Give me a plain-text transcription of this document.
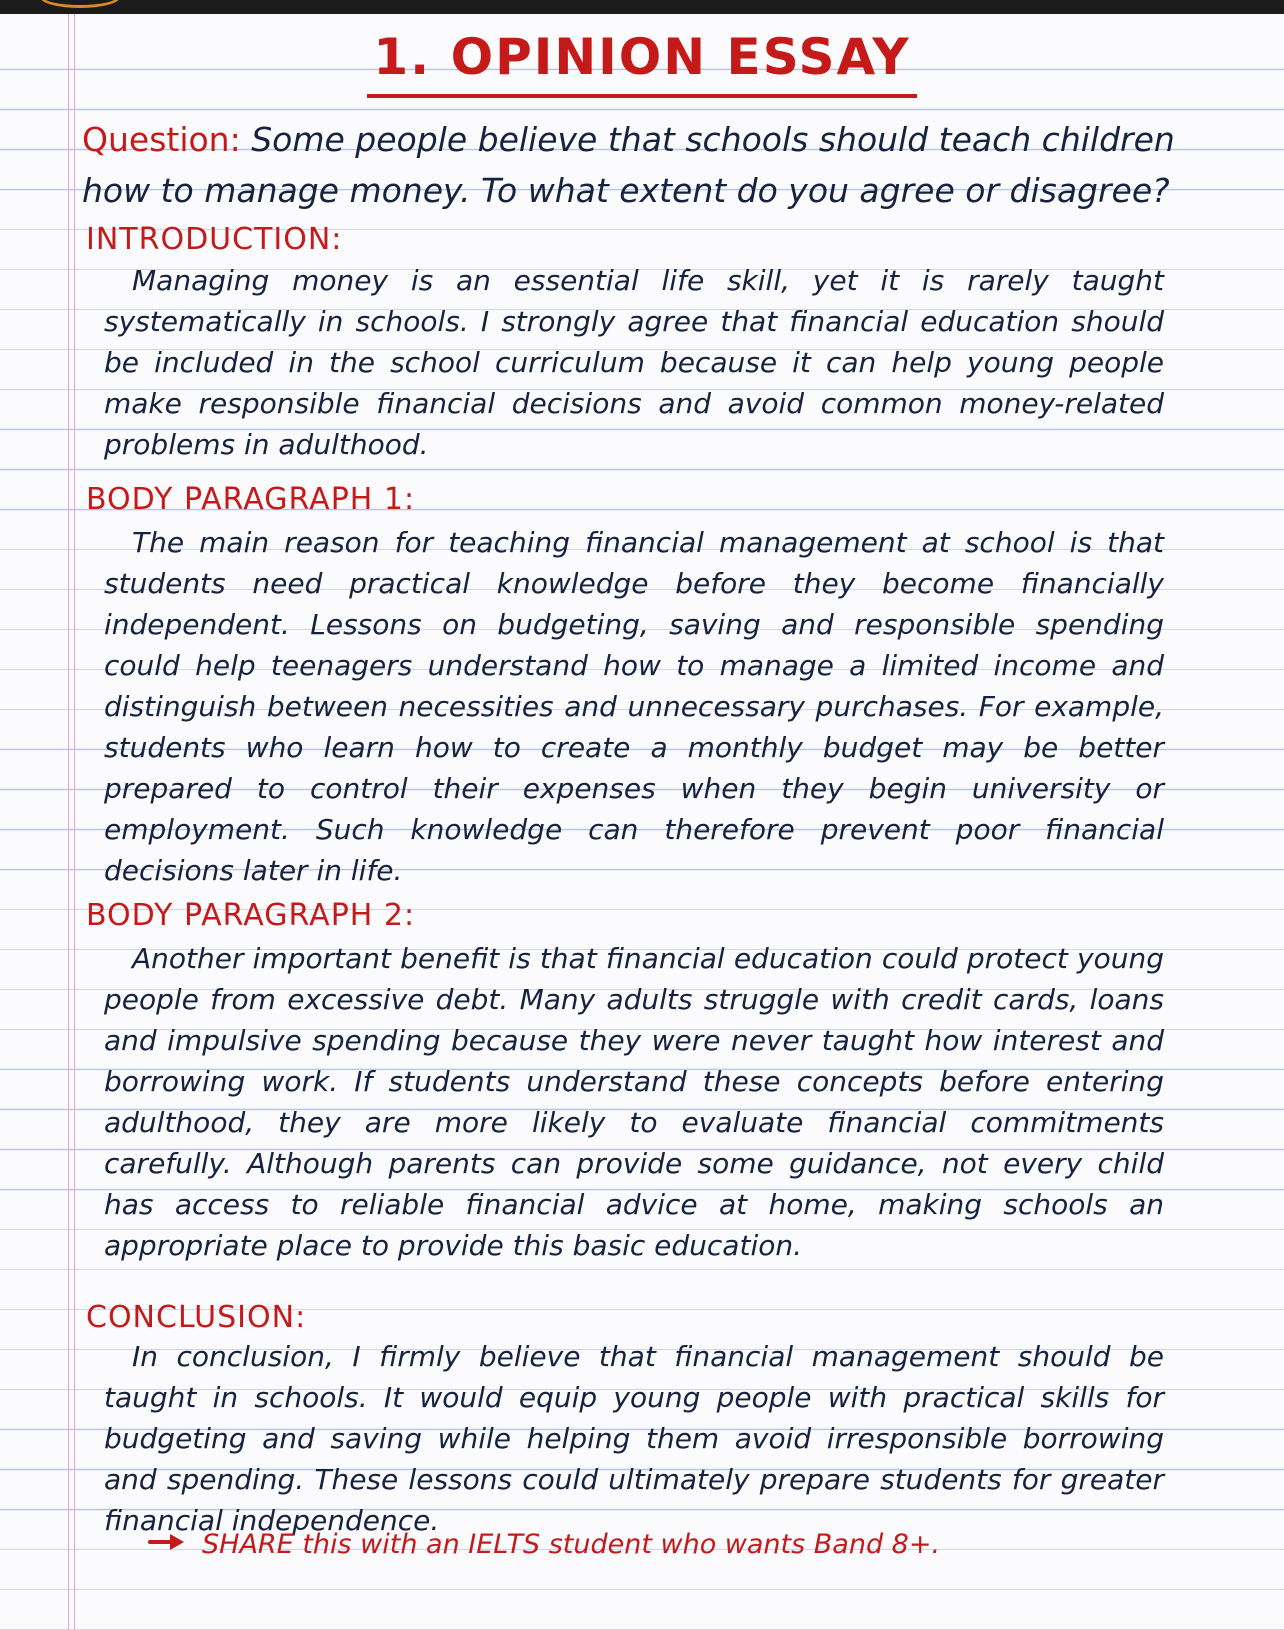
1. OPINION ESSAY

Question: Some people believe that schools should teach children how to manage money. To what extent do you agree or disagree?

INTRODUCTION:

Managing money is an essential life skill, yet it is rarely taught systematically in schools. I strongly agree that financial education should be included in the school curriculum because it can help young people make responsible financial decisions and avoid common money-related problems in adulthood.

BODY PARAGRAPH 1:

The main reason for teaching financial management at school is that students need practical knowledge before they become financially independent. Lessons on budgeting, saving and responsible spending could help teenagers understand how to manage a limited income and distinguish between necessities and unnecessary purchases. For example, students who learn how to create a monthly budget may be better prepared to control their expenses when they begin university or employment. Such knowledge can therefore prevent poor financial decisions later in life.

BODY PARAGRAPH 2:

Another important benefit is that financial education could protect young people from excessive debt. Many adults struggle with credit cards, loans and impulsive spending because they were never taught how interest and borrowing work. If students understand these concepts before entering adulthood, they are more likely to evaluate financial commitments carefully. Although parents can provide some guidance, not every child has access to reliable financial advice at home, making schools an appropriate place to provide this basic education.

CONCLUSION:

In conclusion, I firmly believe that financial management should be taught in schools. It would equip young people with practical skills for budgeting and saving while helping them avoid irresponsible borrowing and spending. These lessons could ultimately prepare students for greater financial independence.

SHARE this with an IELTS student who wants Band 8+.
